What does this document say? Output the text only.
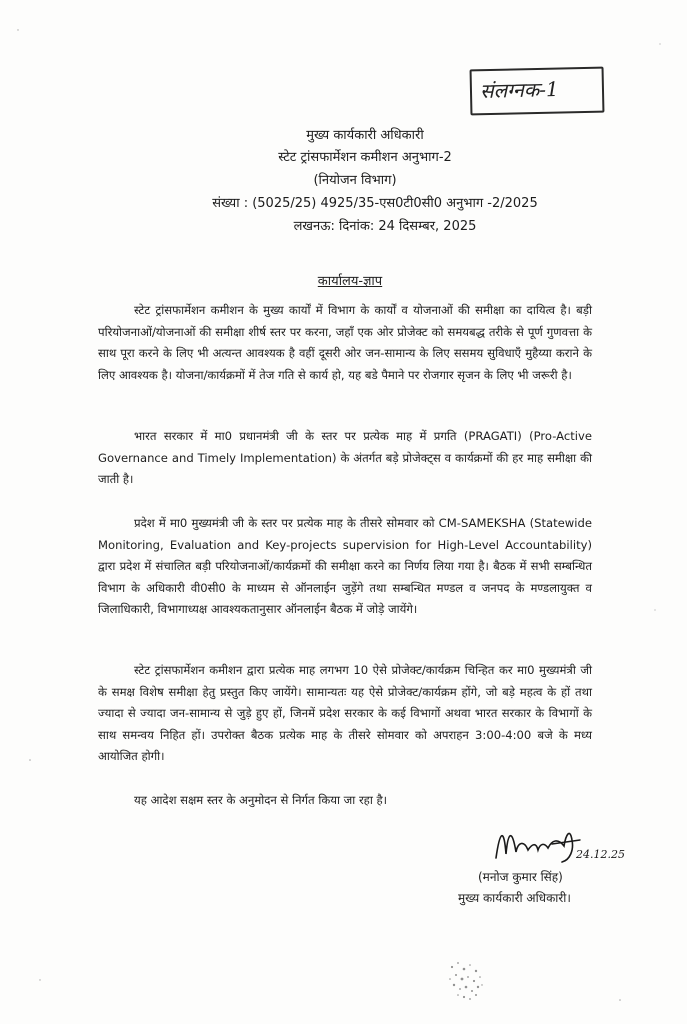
संलग्नक-1
मुख्य कार्यकारी अधिकारी
स्टेट ट्रांसफार्मेशन कमीशन अनुभाग-2
(नियोजन विभाग)
संख्या : (5025/25) 4925/35-एस0टी0सी0 अनुभाग -2/2025
लखनऊ: दिनांक: 24 दिसम्बर, 2025
कार्यालय-ज्ञाप

स्टेट ट्रांसफार्मेशन कमीशन के मुख्य कार्यों में विभाग के कार्यों व योजनाओं की समीक्षा का दायित्व है। बड़ी परियोजनाओं/योजनाओं की समीक्षा शीर्ष स्तर पर करना, जहाँ एक ओर प्रोजेक्ट को समयबद्ध तरीके से पूर्ण गुणवत्ता के साथ पूरा करने के लिए भी अत्यन्त आवश्यक है वहीं दूसरी ओर जन-सामान्य के लिए ससमय सुविधाएँ मुहैय्या कराने के लिए आवश्यक है। योजना/कार्यक्रमों में तेज गति से कार्य हो, यह बडे पैमाने पर रोजगार सृजन के लिए भी जरूरी है।

भारत सरकार में मा0 प्रधानमंत्री जी के स्तर पर प्रत्येक माह में प्रगति (PRAGATI) (Pro-Active Governance and Timely Implementation) के अंतर्गत बड़े प्रोजेक्ट्स व कार्यक्रमों की हर माह समीक्षा की जाती है।

प्रदेश में मा0 मुख्यमंत्री जी के स्तर पर प्रत्येक माह के तीसरे सोमवार को CM-SAMEKSHA (Statewide Monitoring, Evaluation and Key-projects supervision for High-Level Accountability) द्वारा प्रदेश में संचालित बड़ी परियोजनाओं/कार्यक्रमों की समीक्षा करने का निर्णय लिया गया है। बैठक में सभी सम्बन्धित विभाग के अधिकारी वी0सी0 के माध्यम से ऑनलाईन जुड़ेंगे तथा सम्बन्धित मण्डल व जनपद के मण्डलायुक्त व जिलाधिकारी, विभागाध्यक्ष आवश्यकतानुसार ऑनलाईन बैठक में जोड़े जायेंगे।

स्टेट ट्रांसफार्मेशन कमीशन द्वारा प्रत्येक माह लगभग 10 ऐसे प्रोजेक्ट/कार्यक्रम चिन्हित कर मा0 मुख्यमंत्री जी के समक्ष विशेष समीक्षा हेतु प्रस्तुत किए जायेंगे। सामान्यतः यह ऐसे प्रोजेक्ट/कार्यक्रम होंगे, जो बड़े महत्व के हों तथा ज्यादा से ज्यादा जन-सामान्य से जुड़े हुए हों, जिनमें प्रदेश सरकार के कई विभागों अथवा भारत सरकार के विभागों के साथ समन्वय निहित हों। उपरोक्त बैठक प्रत्येक माह के तीसरे सोमवार को अपराहन 3:00-4:00 बजे के मध्य आयोजित होगी।

यह आदेश सक्षम स्तर के अनुमोदन से निर्गत किया जा रहा है।

24.12.25
(मनोज कुमार सिंह)
मुख्य कार्यकारी अधिकारी।
